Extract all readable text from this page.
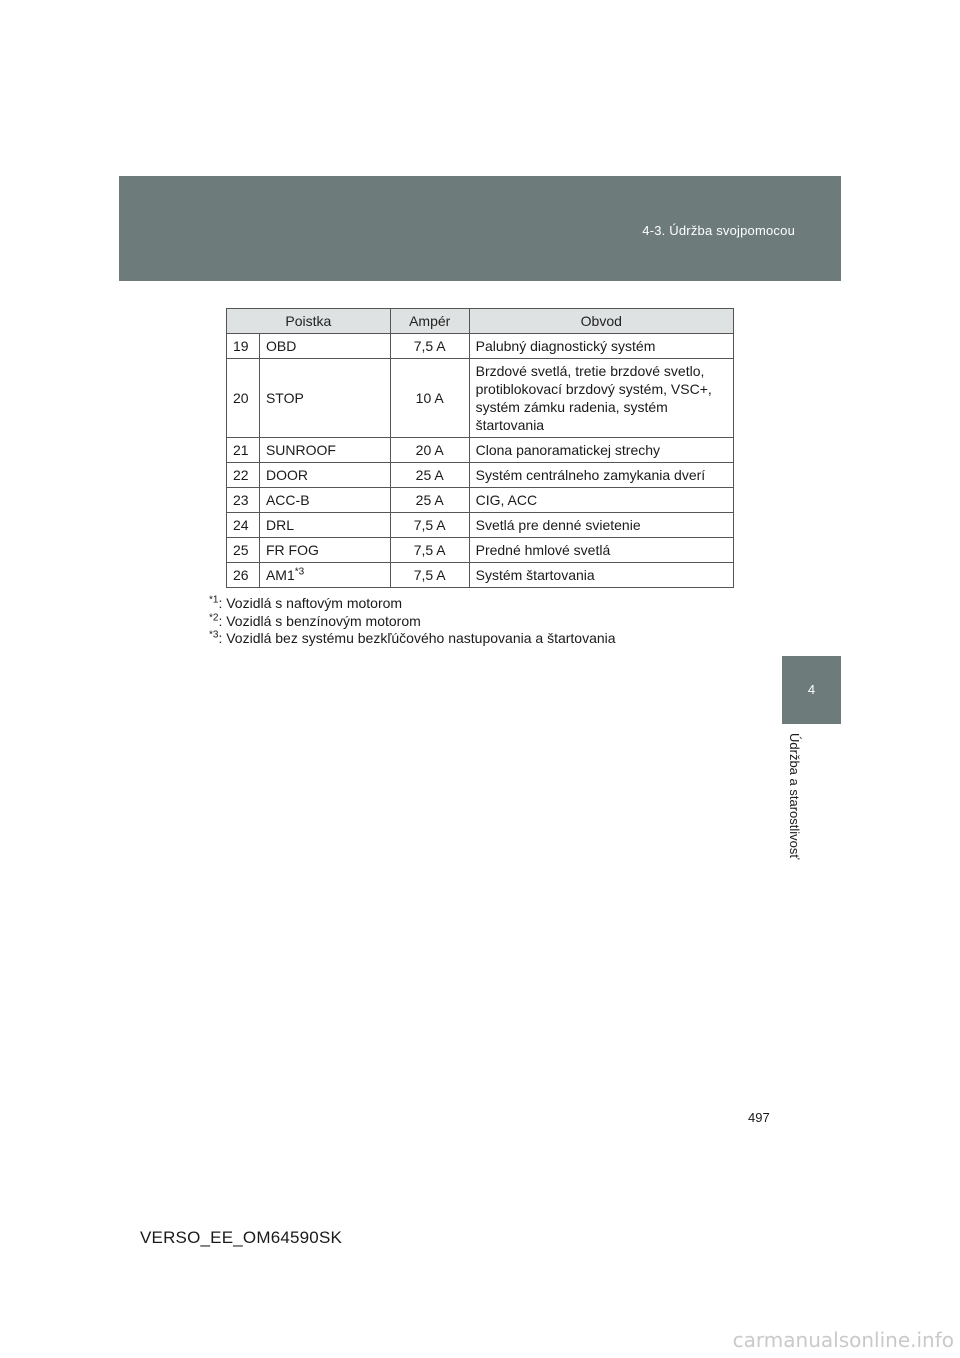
4-3. Údržba svojpomocou
4
Údržba a starostlivosť
Poistka		Ampér	Obvod
19	OBD	7,5 A	Palubný diagnostický systém
20	STOP	10 A	Brzdové svetlá, tretie brzdové svetlo, protiblokovací brzdový systém, VSC+, systém zámku radenia, systém štartovania
21	SUNROOF	20 A	Clona panoramatickej strechy
22	DOOR	25 A	Systém centrálneho zamykania dverí
23	ACC-B	25 A	CIG, ACC
24	DRL	7,5 A	Svetlá pre denné svietenie
25	FR FOG	7,5 A	Predné hmlové svetlá
26	AM1$^{*3}$	7,5 A	Systém štartovania
$^{*1}$: Vozidlá s naftovým motorom
$^{*2}$: Vozidlá s benzínovým motorom
$^{*3}$: Vozidlá bez systému bezkľúčového nastupovania a štartovania
497
VERSO_EE_OM64590SK
carmanualsonline.info
